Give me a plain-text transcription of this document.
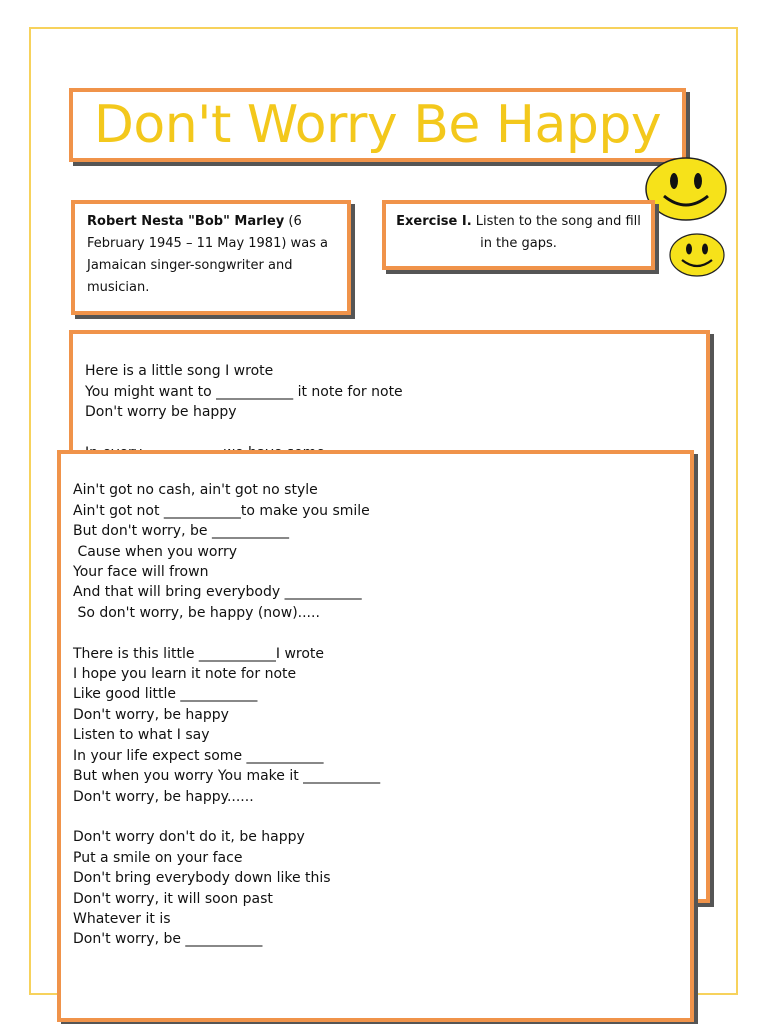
Don't Worry Be Happy

Robert Nesta "Bob" Marley (6 February 1945 – 11 May 1981) was a Jamaican singer-songwriter and musician.

Exercise I. Listen to the song and fill in the gaps.

Here is a little song I wrote
You might want to ___________ it note for note
Don't worry be happy

Ain't got no cash, ain't got no style
Ain't got not ___________to make you smile
But don't worry, be ___________
Cause when you worry
Your face will frown
And that will bring everybody ___________
So don't worry, be happy (now).....

There is this little ___________I wrote
I hope you learn it note for note
Like good little ___________
Don't worry, be happy
Listen to what I say
In your life expect some ___________
But when you worry You make it ___________
Don't worry, be happy......

Don't worry don't do it, be happy
Put a smile on your face
Don't bring everybody down like this
Don't worry, it will soon past
Whatever it is
Don't worry, be ___________
